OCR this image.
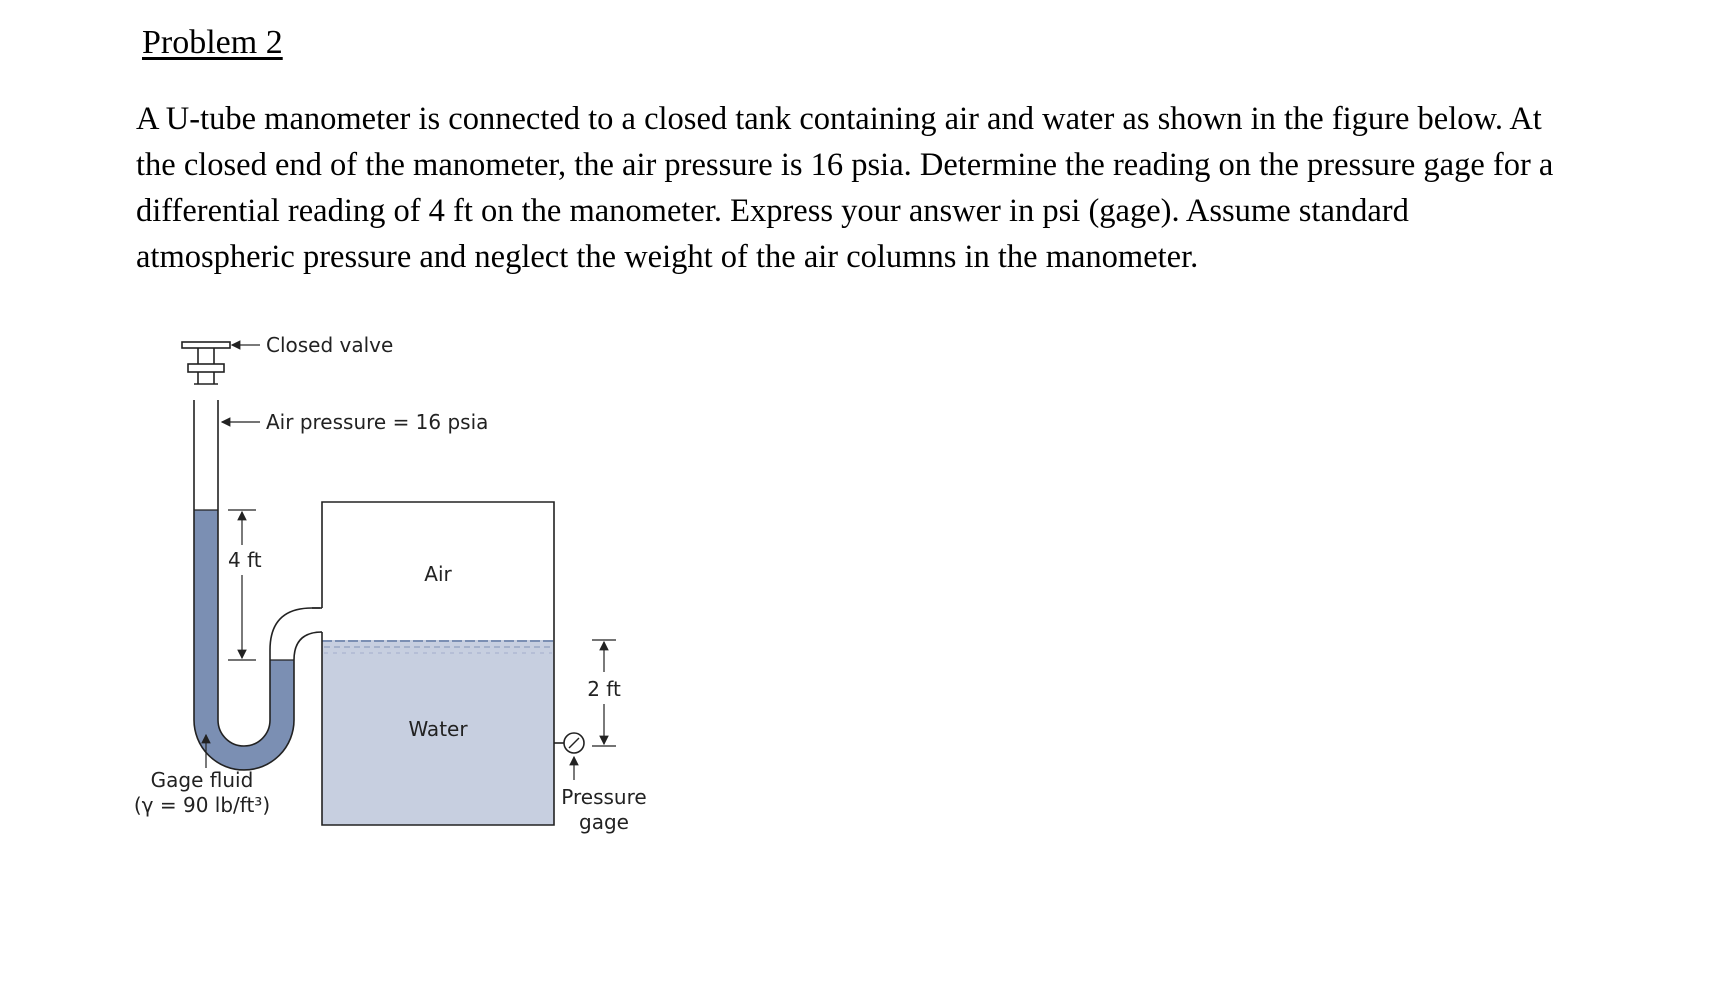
Problem 2

A U-tube manometer is connected to a closed tank containing air and water as shown in the figure below. At the closed end of the manometer, the air pressure is 16 psia. Determine the reading on the pressure gage for a differential reading of 4 ft on the manometer. Express your answer in psi (gage). Assume standard atmospheric pressure and neglect the weight of the air columns in the manometer.

Closed valve
Air pressure = 16 psia
4 ft
Air
Water
Pressure
gage
2 ft
Gage fluid
(γ = 90 lb/ft³)
